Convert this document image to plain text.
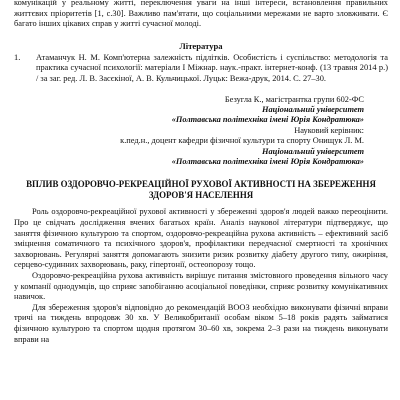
комунікацій у реальному житті, переключення уваги на інші інтереси, встановлення правильних життєвих пріоритетів [1, с.30]. Важливо пам'ятати, що соціальними мережами не варто зловживати. Є багато інших цікавих справ у житті сучасної молоді.

Література
1.	Атаманчук Н. М. Комп'ютерна залежність підлітків. Особистість і суспільство: методологія та практика сучасної психології: матеріали I Міжнар. наук.-практ. інтернет-конф. (13 травня 2014 р.) / за заг. ред. Л. В. Засєкіної, А. В. Кульчицької. Луцьк: Вежа-друк, 2014. С. 27–30.
Безугла К., магістрантка групи 602-ФС
Національний університет
«Полтавська політехніка імені Юрія Кондратюка»
Науковий керівник:
к.пед.н., доцент кафедри фізичної культури та спорту Онищук Л. М.
Національний університет
«Полтавська політехніка імені Юрія Кондратюка»
ВПЛИВ ОЗДОРОВЧО-РЕКРЕАЦІЙНОЇ РУХОВОЇ АКТИВНОСТІ НА ЗБЕРЕЖЕННЯ ЗДОРОВ'Я НАСЕЛЕННЯ

Роль оздоровчо-рекреаційної рухової активності у збереженні здоров'я людей важко переоцінити. Про це свідчать дослідження вчених багатьох країн. Аналіз наукової літератури підтверджує, що заняття фізичною культурою та спортом, оздоровчо-рекреаційна рухова активність – ефективний засіб зміцнення соматичного та психічного здоров'я, профілактики передчасної смертності та хронічних захворювань. Регулярні заняття допомагають знизити ризик розвитку діабету другого типу, ожиріння, серцево-судинних захворювань, раку, гіпертонії, остеопорозу тощо.

Оздоровчо-рекреаційна рухова активність вирішує питання змістовного проведення вільного часу у компанії однодумців, що сприяє запобіганню асоціальної поведінки, сприяє розвитку комунікативних навичок.

Для збереження здоров'я відповідно до рекомендацій ВООЗ необхідно виконувати фізичні вправи тричі на тиждень впродовж 30 хв. У Великобританії особам віком 5–18 років радять займатися фізичною культурою та спортом щодня протягом 30–60 хв, зокрема 2–3 рази на тиждень виконувати вправи на
